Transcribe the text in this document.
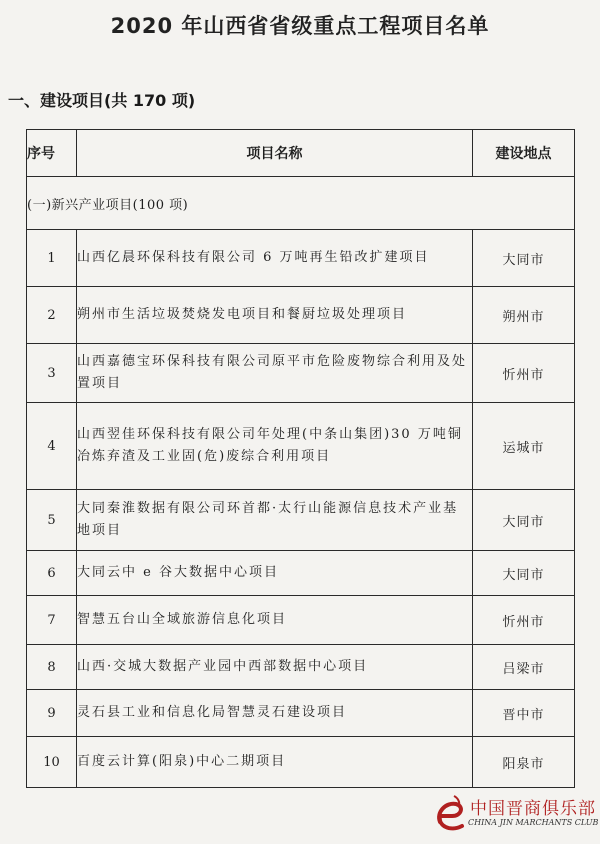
2020 年山西省省级重点工程项目名单
一、建设项目(共 170 项)
序号	项目名称	建设地点
(一)新兴产业项目(100 项)		
1	山西亿晨环保科技有限公司 6 万吨再生铅改扩建项目	大同市
2	朔州市生活垃圾焚烧发电项目和餐厨垃圾处理项目	朔州市
3	山西嘉德宝环保科技有限公司原平市危险废物综合利用及处置项目	忻州市
4	山西翌佳环保科技有限公司年处理(中条山集团)30 万吨铜冶炼弃渣及工业固(危)废综合利用项目	运城市
5	大同秦淮数据有限公司环首都·太行山能源信息技术产业基地项目	大同市
6	大同云中 e 谷大数据中心项目	大同市
7	智慧五台山全域旅游信息化项目	忻州市
8	山西·交城大数据产业园中西部数据中心项目	吕梁市
9	灵石县工业和信息化局智慧灵石建设项目	晋中市
10	百度云计算(阳泉)中心二期项目	阳泉市
中国晋商俱乐部
CHINA JIN MARCHANTS CLUB
